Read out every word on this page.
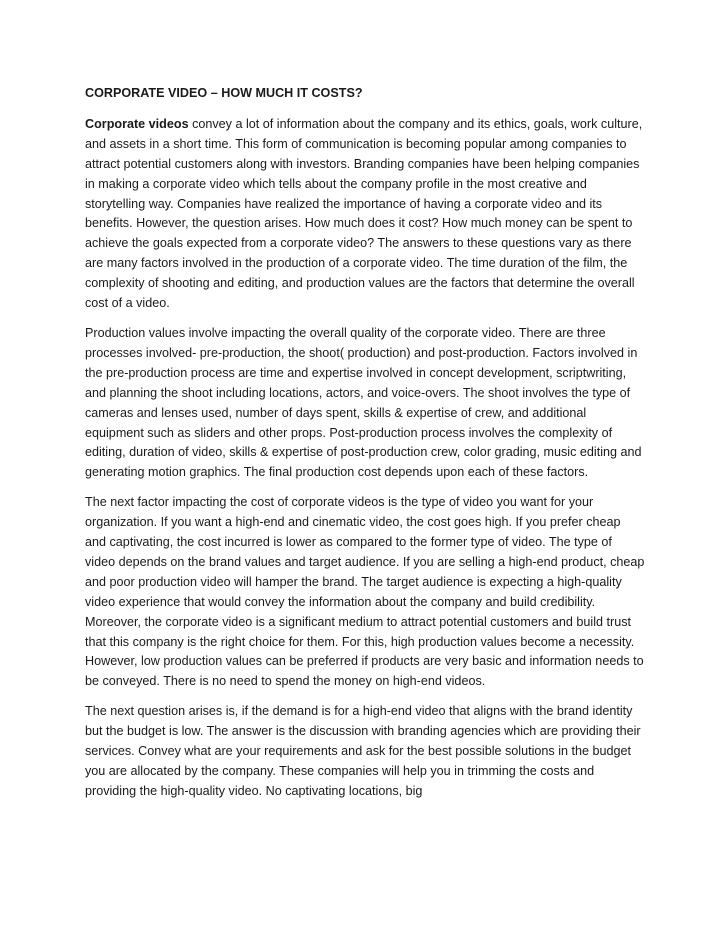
CORPORATE VIDEO – HOW MUCH IT COSTS?

Corporate videos convey a lot of information about the company and its ethics, goals, work culture, and assets in a short time. This form of communication is becoming popular among companies to attract potential customers along with investors. Branding companies have been helping companies in making a corporate video which tells about the company profile in the most creative and storytelling way. Companies have realized the importance of having a corporate video and its benefits. However, the question arises. How much does it cost? How much money can be spent to achieve the goals expected from a corporate video? The answers to these questions vary as there are many factors involved in the production of a corporate video. The time duration of the film, the complexity of shooting and editing, and production values are the factors that determine the overall cost of a video.

Production values involve impacting the overall quality of the corporate video. There are three processes involved- pre-production, the shoot( production) and post-production. Factors involved in the pre-production process are time and expertise involved in concept development, scriptwriting, and planning the shoot including locations, actors, and voice-overs. The shoot involves the type of cameras and lenses used, number of days spent, skills & expertise of crew, and additional equipment such as sliders and other props. Post-production process involves the complexity of editing, duration of video, skills & expertise of post-production crew, color grading, music editing and generating motion graphics. The final production cost depends upon each of these factors.

The next factor impacting the cost of corporate videos is the type of video you want for your organization. If you want a high-end and cinematic video, the cost goes high. If you prefer cheap and captivating, the cost incurred is lower as compared to the former type of video. The type of video depends on the brand values and target audience. If you are selling a high-end product, cheap and poor production video will hamper the brand. The target audience is expecting a high-quality video experience that would convey the information about the company and build credibility. Moreover, the corporate video is a significant medium to attract potential customers and build trust that this company is the right choice for them. For this, high production values become a necessity. However, low production values can be preferred if products are very basic and information needs to be conveyed. There is no need to spend the money on high-end videos.

The next question arises is, if the demand is for a high-end video that aligns with the brand identity but the budget is low. The answer is the discussion with branding agencies which are providing their services. Convey what are your requirements and ask for the best possible solutions in the budget you are allocated by the company. These companies will help you in trimming the costs and providing the high-quality video. No captivating locations, big
